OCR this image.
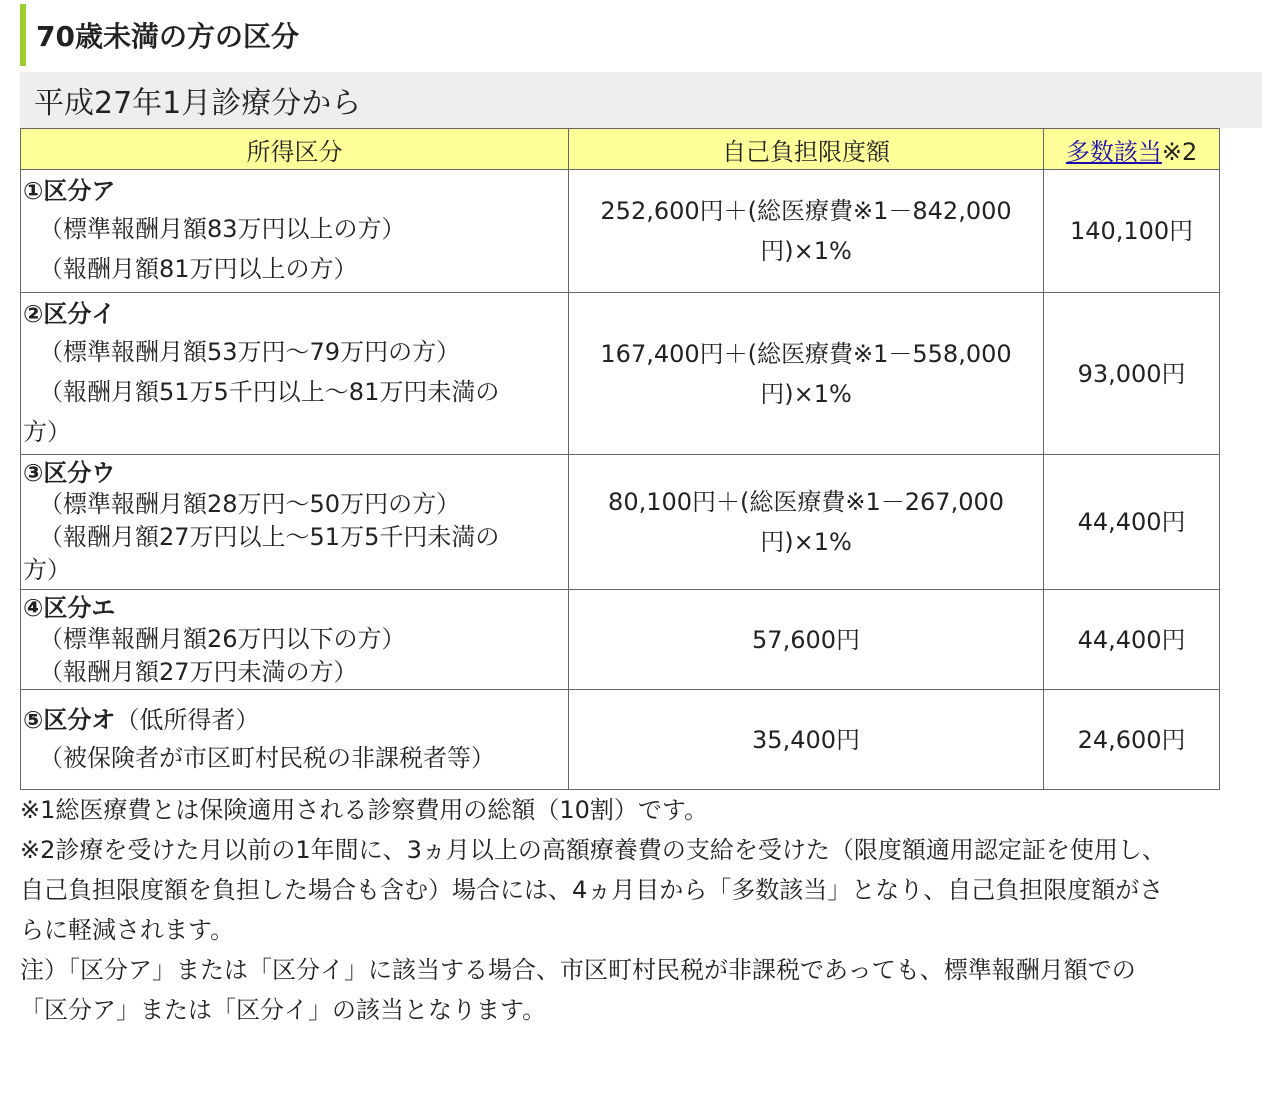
70歳未満の方の区分
平成27年1月診療分から
所得区分	自己負担限度額	多数該当※2

①区分ア
（標準報酬月額83万円以上の方）
（報酬月額81万円以上の方）	252,600円＋(総医療費※1－842,000
円)×1%	140,100円

②区分イ
（標準報酬月額53万円～79万円の方）
（報酬月額51万5千円以上～81万円未満の
方）	167,400円＋(総医療費※1－558,000
円)×1%	93,000円

③区分ウ
（標準報酬月額28万円～50万円の方）
（報酬月額27万円以上～51万5千円未満の
方）	80,100円＋(総医療費※1－267,000
円)×1%	44,400円

④区分エ
（標準報酬月額26万円以下の方）
（報酬月額27万円未満の方）	57,600円	44,400円

⑤区分オ（低所得者）
（被保険者が市区町村民税の非課税者等）	35,400円	24,600円

※1総医療費とは保険適用される診察費用の総額（10割）です。

※2診療を受けた月以前の1年間に、3ヵ月以上の高額療養費の支給を受けた（限度額適用認定証を使用し、
自己負担限度額を負担した場合も含む）場合には、4ヵ月目から「多数該当」となり、自己負担限度額がさ
らに軽減されます。

注）「区分ア」または「区分イ」に該当する場合、市区町村民税が非課税であっても、標準報酬月額での
「区分ア」または「区分イ」の該当となります。
